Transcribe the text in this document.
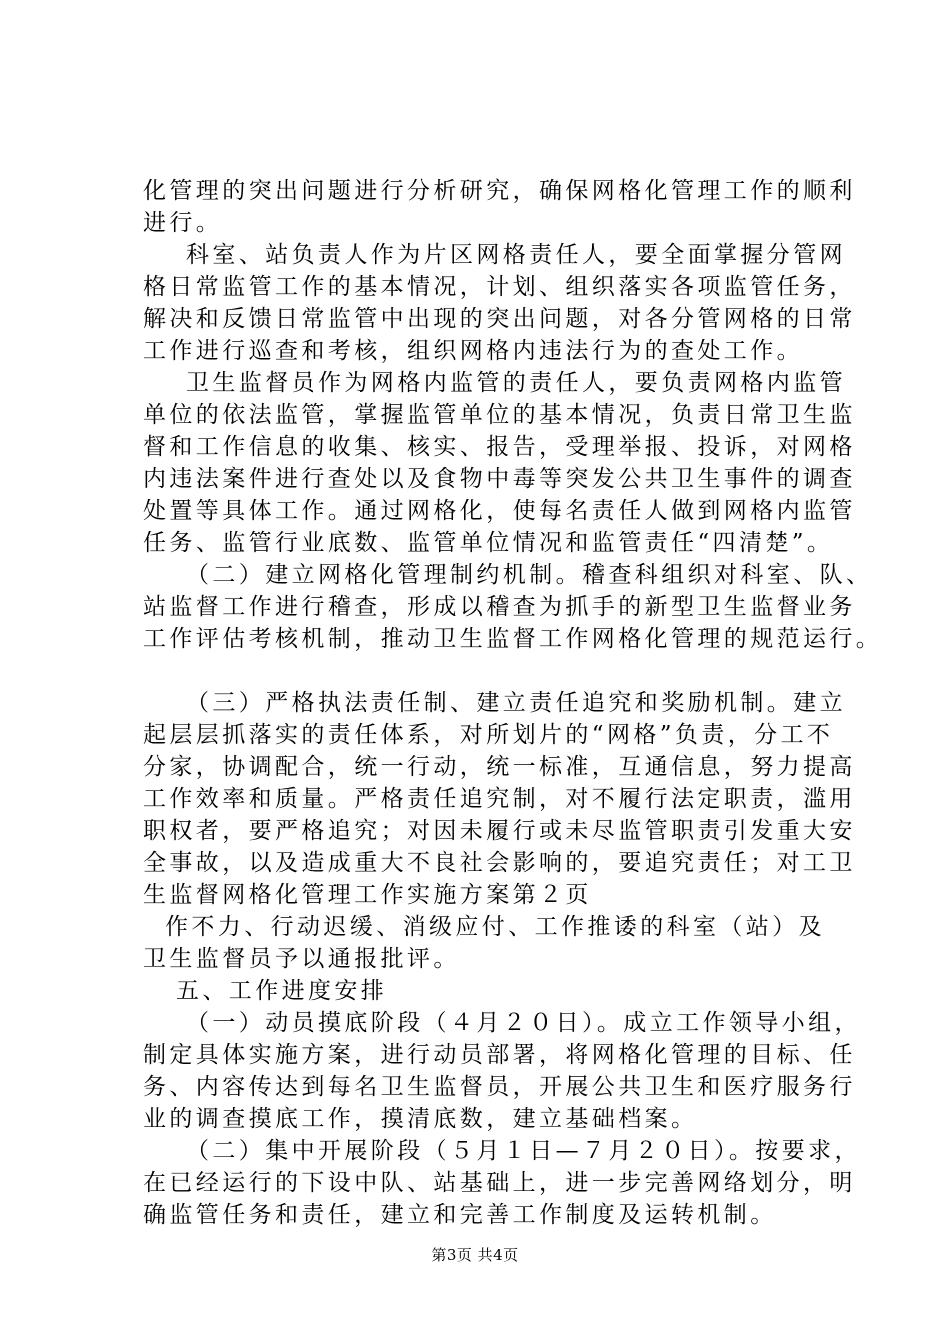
化管理的突出问题进行分析研究，确保网格化管理工作的顺利
进行。
科室、站负责人作为片区网格责任人，要全面掌握分管网
格日常监管工作的基本情况，计划、组织落实各项监管任务，
解决和反馈日常监管中出现的突出问题，对各分管网格的日常
工作进行巡查和考核，组织网格内违法行为的查处工作。
卫生监督员作为网格内监管的责任人，要负责网格内监管
单位的依法监管，掌握监管单位的基本情况，负责日常卫生监
督和工作信息的收集、核实、报告，受理举报、投诉，对网格
内违法案件进行查处以及食物中毒等突发公共卫生事件的调查
处置等具体工作。通过网格化，使每名责任人做到网格内监管
任务、监管行业底数、监管单位情况和监管责任“四清楚”。
（二）建立网格化管理制约机制。稽查科组织对科室、队、
站监督工作进行稽查，形成以稽查为抓手的新型卫生监督业务
工作评估考核机制，推动卫生监督工作网格化管理的规范运行。
（三）严格执法责任制、建立责任追究和奖励机制。建立
起层层抓落实的责任体系，对所划片的“网格”负责，分工不
分家，协调配合，统一行动，统一标准，互通信息，努力提高
工作效率和质量。严格责任追究制，对不履行法定职责，滥用
职权者，要严格追究；对因未履行或未尽监管职责引发重大安
全事故，以及造成重大不良社会影响的，要追究责任；对工卫
生监督网格化管理工作实施方案第２页
作不力、行动迟缓、消级应付、工作推诿的科室（站）及
卫生监督员予以通报批评。
五、工作进度安排
（一）动员摸底阶段（４月２０日）。成立工作领导小组，
制定具体实施方案，进行动员部署，将网格化管理的目标、任
务、内容传达到每名卫生监督员，开展公共卫生和医疗服务行
业的调查摸底工作，摸清底数，建立基础档案。
（二）集中开展阶段（５月１日—７月２０日）。按要求，
在已经运行的下设中队、站基础上，进一步完善网络划分，明
确监管任务和责任，建立和完善工作制度及运转机制。
第3页 共4页
